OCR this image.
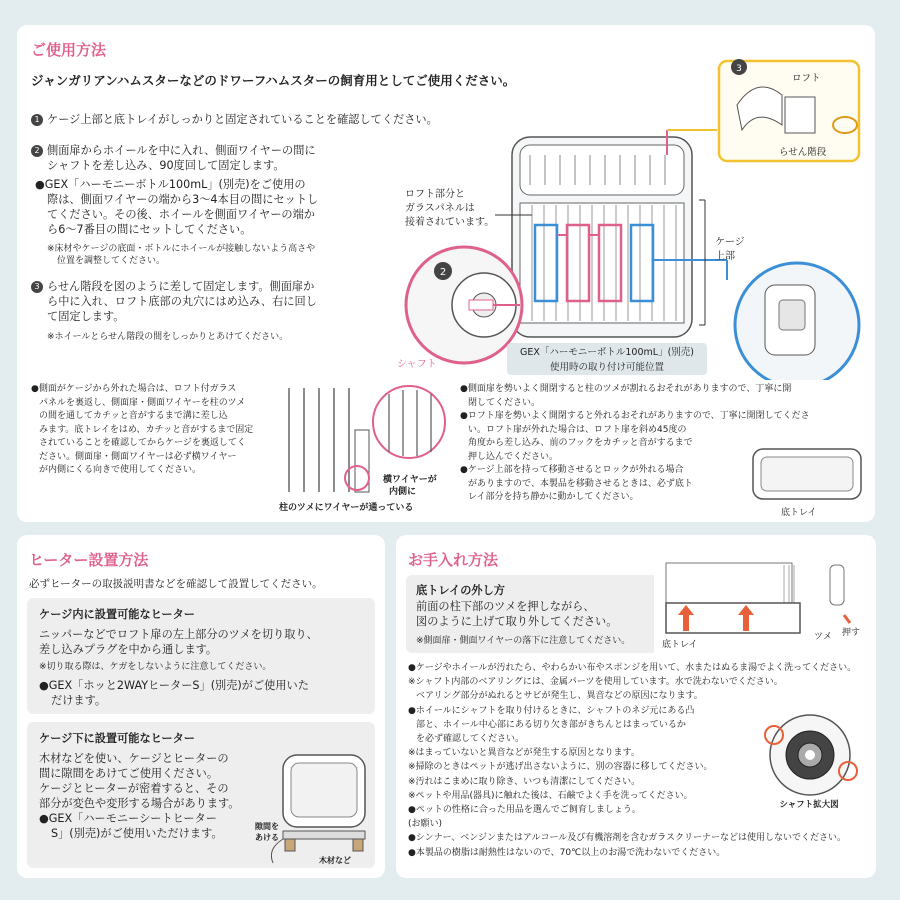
ご使用方法
ジャンガリアンハムスターなどのドワーフハムスターの飼育用としてご使用ください。
1 ケージ上部と底トレイがしっかりと固定されていることを確認してください。
2 側面扉からホイールを中に入れ、側面ワイヤーの間に
シャフトを差し込み、90度回して固定します。
●GEX「ハーモニーボトル100mL」(別売)をご使用の
際は、側面ワイヤーの端から3～4本目の間にセットし
てください。その後、ホイールを側面ワイヤーの端か
ら6～7番目の間にセットしてください。
※床材やケージの底面・ボトルにホイールが接触しないよう高さや
位置を調整してください。
3 らせん階段を図のように差して固定します。側面扉か
ら中に入れ、ロフト底部の丸穴にはめ込み、右に回し
て固定します。
※ホイールとらせん階段の間をしっかりとあけてください。
ケージ
上部
2
シャフト
ロフト部分と
ガラスパネルは
接着されています。
GEX「ハーモニーボトル100mL」(別売)
使用時の取り付け可能位置
3
ロフト
らせん階段
●側面がケージから外れた場合は、ロフト付ガラス
パネルを裏返し、側面扉・側面ワイヤーを柱のツメ
の間を通してカチッと音がするまで溝に差し込
みます。底トレイをはめ、カチッと音がするまで固定
されていることを確認してからケージを裏返してく
ださい。側面扉・側面ワイヤーは必ず横ワイヤー
が内側にくる向きで使用してください。
横ワイヤーが
内側に
柱のツメにワイヤーが通っている
●側面扉を勢いよく開閉すると柱のツメが割れるおそれがありますので、丁寧に開
閉してください。
●ロフト扉を勢いよく開閉すると外れるおそれがありますので、丁寧に開閉してくださ
い。ロフト扉が外れた場合は、ロフト扉を斜め45度の
角度から差し込み、前のフックをカチッと音がするまで
押し込んでください。
●ケージ上部を持って移動させるとロックが外れる場合
がありますので、本製品を移動させるときは、必ず底ト
レイ部分を持ち静かに動かしてください。
底トレイ
ヒーター設置方法
必ずヒーターの取扱説明書などを確認して設置してください。
ケージ内に設置可能なヒーター
ニッパーなどでロフト扉の左上部分のツメを切り取り、
差し込みプラグを中から通します。
※切り取る際は、ケガをしないように注意してください。
●GEX「ホッと2WAYヒーターS」(別売)がご使用いた
だけます。
ケージ下に設置可能なヒーター
木材などを使い、ケージとヒーターの
間に隙間をあけてご使用ください。
ケージとヒーターが密着すると、その
部分が変色や変形する場合があります。
●GEX「ハーモニーシートヒーター
S」(別売)がご使用いただけます。
隙間を
あける
木材など
お手入れ方法
底トレイの外し方
前面の柱下部のツメを押しながら、
図のように上げて取り外してください。
※側面扉・側面ワイヤーの落下に注意してください。	底トレイ
ツメ 押す
●ケージやホイールが汚れたら、やわらかい布やスポンジを用いて、水またはぬるま湯でよく洗ってください。
※シャフト内部のベアリングには、金属パーツを使用しています。水で洗わないでください。
ベアリング部分がぬれるとサビが発生し、異音などの原因になります。
●ホイールにシャフトを取り付けるときに、シャフトのネジ元にある凸
部と、ホイール中心部にある切り欠き部がきちんとはまっているか
を必ず確認してください。
※はまっていないと異音などが発生する原因となります。
※掃除のときはペットが逃げ出さないように、別の容器に移してください。
※汚れはこまめに取り除き、いつも清潔にしてください。
※ペットや用品(器具)に触れた後は、石鹸でよく手を洗ってください。
●ペットの性格に合った用品を選んでご飼育しましょう。
(お願い)
●シンナー、ベンジンまたはアルコール及び有機溶剤を含むガラスクリーナーなどは使用しないでください。
●本製品の樹脂は耐熱性はないので、70℃以上のお湯で洗わないでください。
シャフト拡大図
